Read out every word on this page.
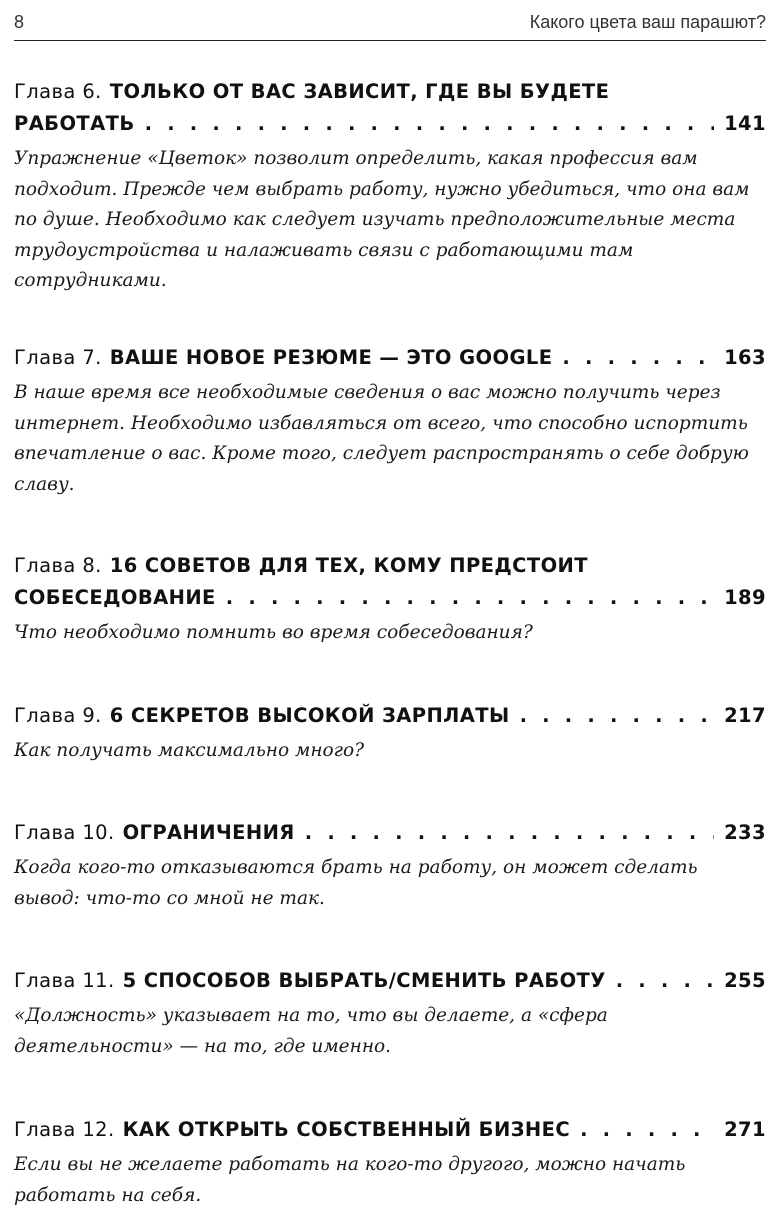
8	Какого цвета ваш парашют?
Глава 6. ТОЛЬКО ОТ ВАС ЗАВИСИТ, ГДЕ ВЫ БУДЕТЕ
РАБОТАТЬ . . .	141
Упражнение «Цветок» позволит определить, какая профессия вам подходит. Прежде чем выбрать работу, нужно убедиться, что она вам по душе. Необходимо как следует изучать предположительные места трудоустройства и налаживать связи с работающими там сотрудниками.
Глава 7. ВАШЕ НОВОЕ РЕЗЮМЕ — ЭТО GOOGLE . . .	163
В наше время все необходимые сведения о вас можно получить через интернет. Необходимо избавляться от всего, что способно испортить впечатление о вас. Кроме того, следует распространять о себе добрую славу.
Глава 8. 16 СОВЕТОВ ДЛЯ ТЕХ, КОМУ ПРЕДСТОИТ
СОБЕСЕДОВАНИЕ . . .	189
Что необходимо помнить во время собеседования?
Глава 9. 6 СЕКРЕТОВ ВЫСОКОЙ ЗАРПЛАТЫ . . .	217
Как получать максимально много?
Глава 10. ОГРАНИЧЕНИЯ . . .	233
Когда кого-то отказываются брать на работу, он может сделать вывод: что-то со мной не так.
Глава 11. 5 СПОСОБОВ ВЫБРАТЬ/СМЕНИТЬ РАБОТУ . . .	255
«Должность» указывает на то, что вы делаете, а «сфера деятельности» — на то, где именно.
Глава 12. КАК ОТКРЫТЬ СОБСТВЕННЫЙ БИЗНЕС . . .	271
Если вы не желаете работать на кого-то другого, можно начать работать на себя.
